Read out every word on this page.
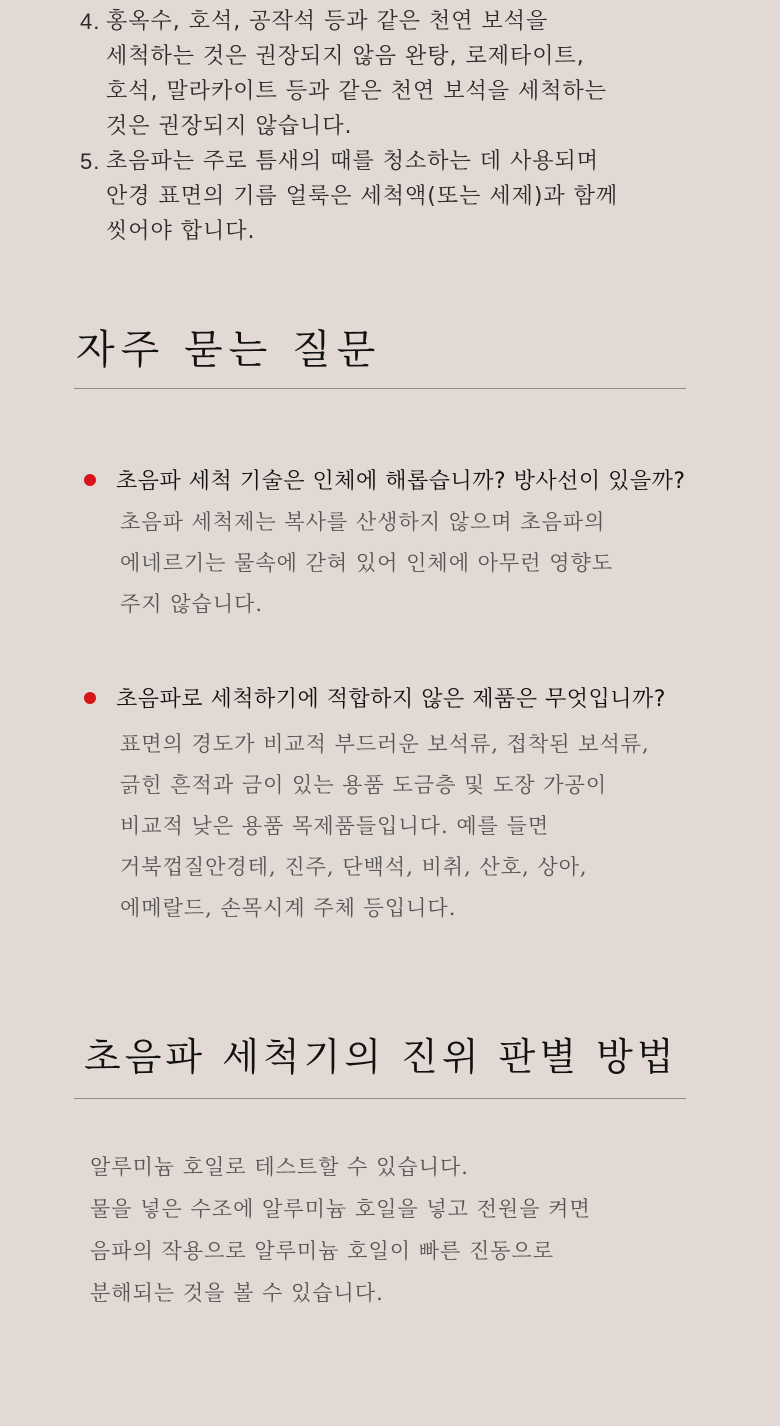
4. 홍옥수, 호석, 공작석 등과 같은 천연 보석을
세척하는 것은 권장되지 않음 완탕, 로제타이트,
호석, 말라카이트 등과 같은 천연 보석을 세척하는
것은 권장되지 않습니다.
5. 초음파는 주로 틈새의 때를 청소하는 데 사용되며
안경 표면의 기름 얼룩은 세척액(또는 세제)과 함께
씻어야 합니다.
자주 묻는 질문
초음파 세척 기술은 인체에 해롭습니까? 방사선이 있을까?
초음파 세척제는 복사를 산생하지 않으며 초음파의
에네르기는 물속에 갇혀 있어 인체에 아무런 영향도
주지 않습니다.
초음파로 세척하기에 적합하지 않은 제품은 무엇입니까?
표면의 경도가 비교적 부드러운 보석류, 접착된 보석류,
긁힌 흔적과 금이 있는 용품 도금층 및 도장 가공이
비교적 낮은 용품 목제품들입니다. 예를 들면
거북껍질안경테, 진주, 단백석, 비취, 산호, 상아,
에메랄드, 손목시계 주체 등입니다.
초음파 세척기의 진위 판별 방법
알루미늄 호일로 테스트할 수 있습니다.
물을 넣은 수조에 알루미늄 호일을 넣고 전원을 켜면
음파의 작용으로 알루미늄 호일이 빠른 진동으로
분해되는 것을 볼 수 있습니다.
